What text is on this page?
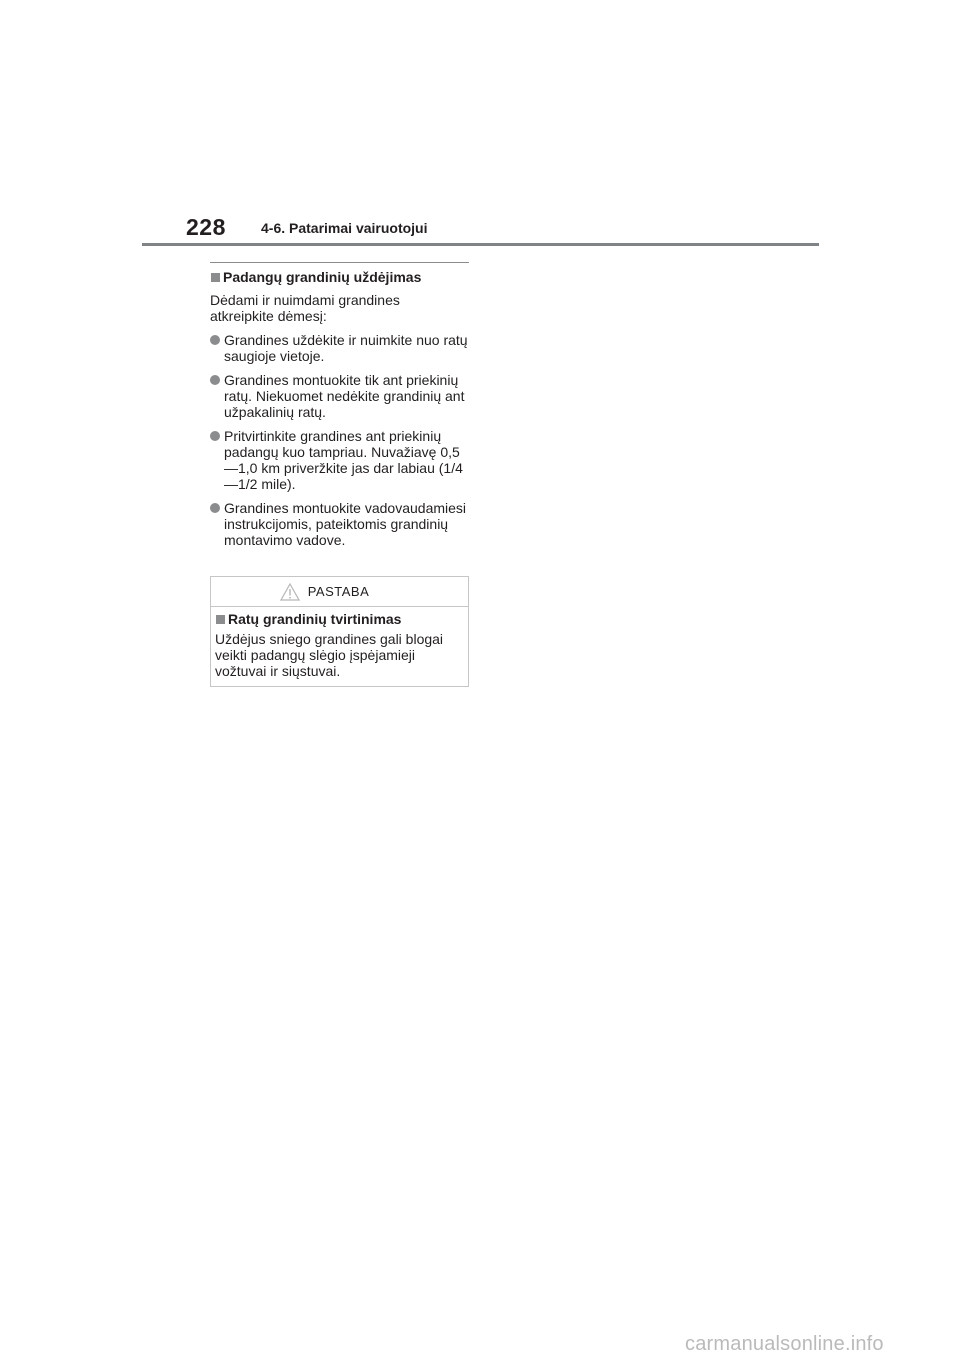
228	4-6. Patarimai vairuotojui
Padangų grandinių uždėjimas
Dėdami ir nuimdami grandines atkreipkite dėmesį:
Grandines uždėkite ir nuimkite nuo ratų saugioje vietoje.
Grandines montuokite tik ant priekinių ratų. Niekuomet nedėkite grandinių ant užpakalinių ratų.
Pritvirtinkite grandines ant priekinių padangų kuo tampriau. Nuvažiavę 0,5—1,0 km priveržkite jas dar labiau (1/4—1/2 mile).
Grandines montuokite vadovaudamiesi instrukcijomis, pateiktomis grandinių montavimo vadove.
PASTABA
Ratų grandinių tvirtinimas
Uždėjus sniego grandines gali blogai veikti padangų slėgio įspėjamieji vožtuvai ir siųstuvai.
carmanualsonline.info
